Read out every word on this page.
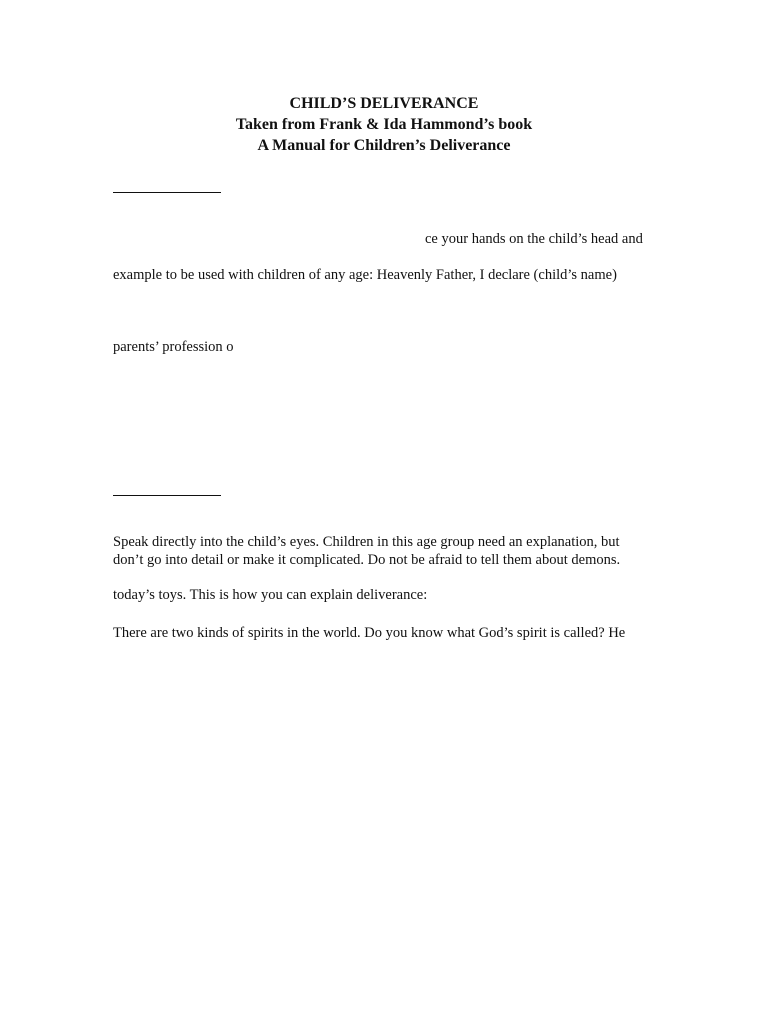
CHILD’S DELIVERANCE
Taken from Frank & Ida Hammond’s book
A Manual for Children’s Deliverance
ce your hands on the child’s head and
example to be used with children of any age: Heavenly Father, I declare (child’s name)
parents’ profession o
Speak directly into the child’s eyes. Children in this age group need an explanation, but
don’t go into detail or make it complicated. Do not be afraid to tell them about demons.
today’s toys. This is how you can explain deliverance:
There are two kinds of spirits in the world. Do you know what God’s spirit is called? He
